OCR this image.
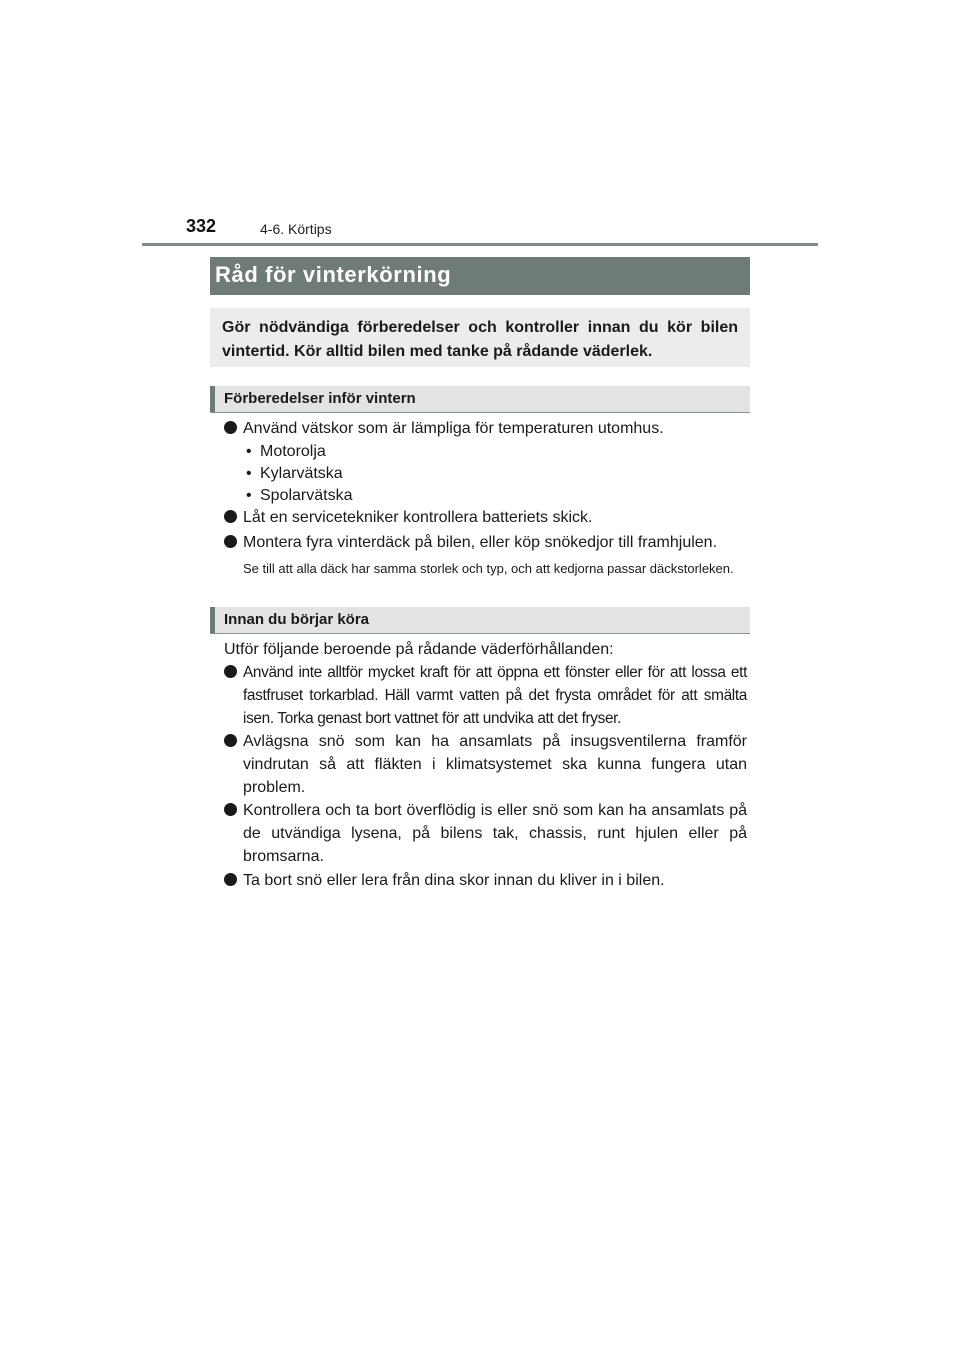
332	4-6. Körtips
Råd för vinterkörning
Gör nödvändiga förberedelser och kontroller innan du kör bilen vintertid. Kör alltid bilen med tanke på rådande väderlek.
Förberedelser inför vintern
Använd vätskor som är lämpliga för temperaturen utomhus.
• Motorolja
• Kylarvätska
• Spolarvätska
Låt en servicetekniker kontrollera batteriets skick.
Montera fyra vinterdäck på bilen, eller köp snökedjor till framhjulen.
Se till att alla däck har samma storlek och typ, och att kedjorna passar däckstorleken.
Innan du börjar köra
Utför följande beroende på rådande väderförhållanden:
Använd inte alltför mycket kraft för att öppna ett fönster eller för att lossa ett fastfruset torkarblad. Häll varmt vatten på det frysta området för att smälta isen. Torka genast bort vattnet för att undvika att det fryser.
Avlägsna snö som kan ha ansamlats på insugsventilerna framför vindrutan så att fläkten i klimatsystemet ska kunna fungera utan problem.
Kontrollera och ta bort överflödig is eller snö som kan ha ansamlats på de utvändiga lysena, på bilens tak, chassis, runt hjulen eller på bromsarna.
Ta bort snö eller lera från dina skor innan du kliver in i bilen.
